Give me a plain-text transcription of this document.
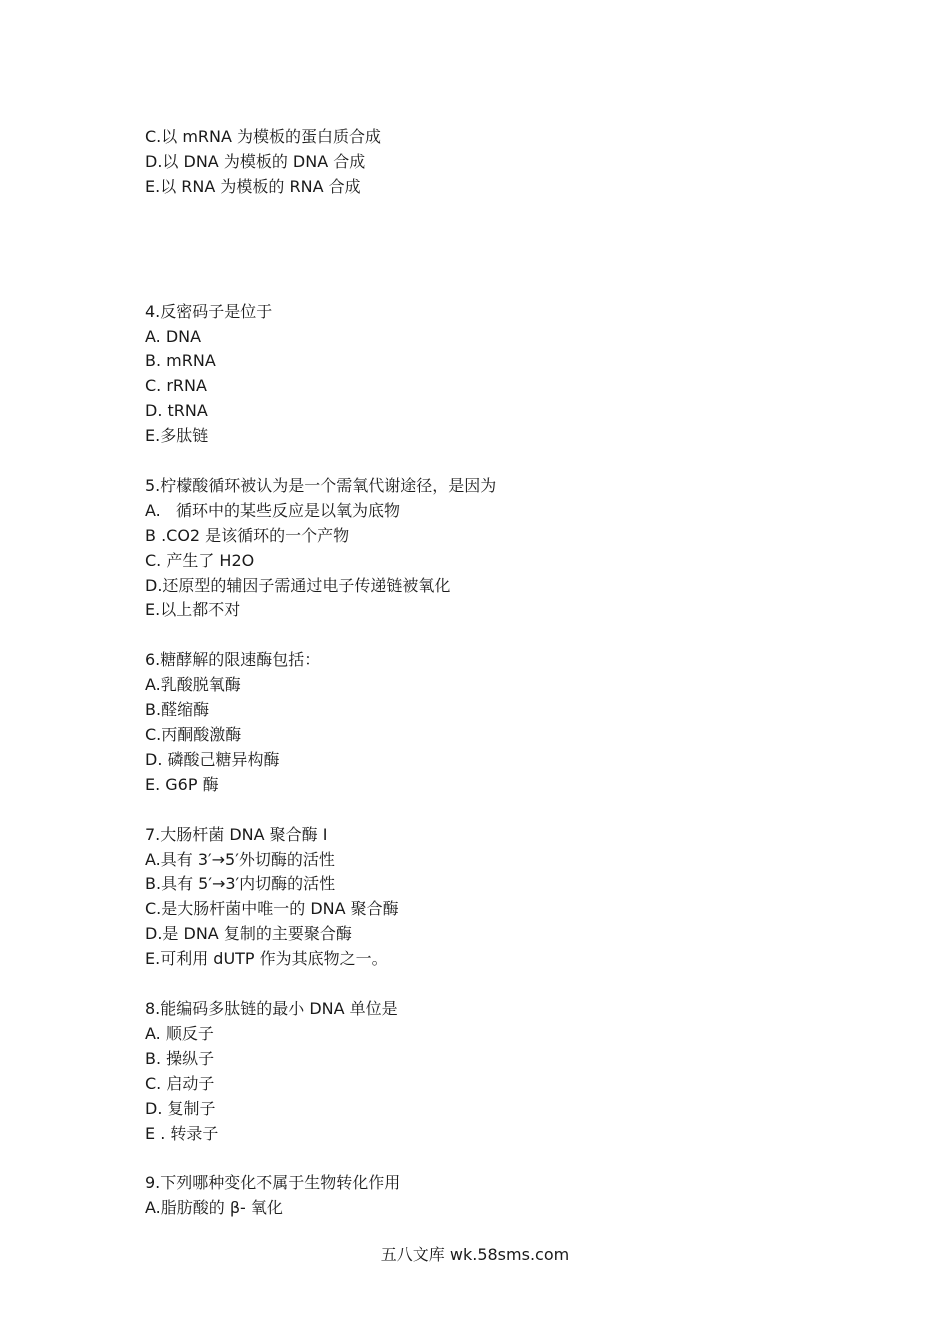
C.以 mRNA 为模板的蛋白质合成
D.以 DNA 为模板的 DNA 合成
E.以 RNA 为模板的 RNA 合成
4.反密码子是位于
A. DNA
B. mRNA
C. rRNA
D. tRNA
E.多肽链
5.柠檬酸循环被认为是一个需氧代谢途径，是因为
A.   循环中的某些反应是以氧为底物
B .CO2 是该循环的一个产物
C. 产生了 H2O
D.还原型的辅因子需通过电子传递链被氧化
E.以上都不对
6.糖酵解的限速酶包括：
A.乳酸脱氧酶
B.醛缩酶
C.丙酮酸激酶
D. 磷酸己糖异构酶
E. G6P 酶
7.大肠杆菌 DNA 聚合酶 I
A.具有 3′→5′外切酶的活性
B.具有 5′→3′内切酶的活性
C.是大肠杆菌中唯一的 DNA 聚合酶
D.是 DNA 复制的主要聚合酶
E.可利用 dUTP 作为其底物之一。
8.能编码多肽链的最小 DNA 单位是
A. 顺反子
B. 操纵子
C. 启动子
D. 复制子
E . 转录子
9.下列哪种变化不属于生物转化作用
A.脂肪酸的 β- 氧化
五八文库 wk.58sms.com
